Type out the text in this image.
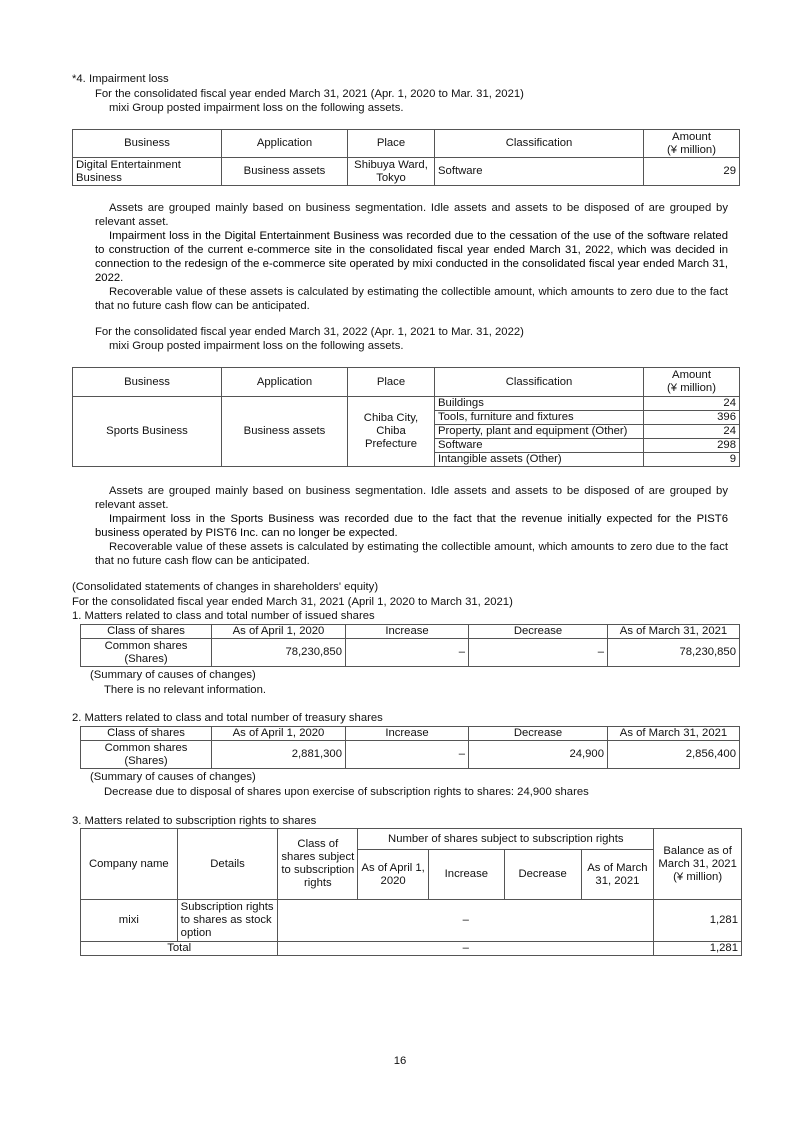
*4. Impairment loss
For the consolidated fiscal year ended March 31, 2021 (Apr. 1, 2020 to Mar. 31, 2021)
mixi Group posted impairment loss on the following assets.
Business	Application	Place	Classification	Amount
(¥ million)
Digital Entertainment Business	Business assets	Shibuya Ward, Tokyo	Software	29

Assets are grouped mainly based on business segmentation. Idle assets and assets to be disposed of are grouped by relevant asset.

Impairment loss in the Digital Entertainment Business was recorded due to the cessation of the use of the software related to construction of the current e-commerce site in the consolidated fiscal year ended March 31, 2022, which was decided in connection to the redesign of the e-commerce site operated by mixi conducted in the consolidated fiscal year ended March 31, 2022.

Recoverable value of these assets is calculated by estimating the collectible amount, which amounts to zero due to the fact that no future cash flow can be anticipated.

For the consolidated fiscal year ended March 31, 2022 (Apr. 1, 2021 to Mar. 31, 2022)
mixi Group posted impairment loss on the following assets.
Business	Application	Place	Classification	Amount
(¥ million)
Sports Business	Business assets	Chiba City, Chiba Prefecture	Buildings	24
			Tools, furniture and fixtures	396
			Property, plant and equipment (Other)	24
			Software	298
			Intangible assets (Other)	9

Assets are grouped mainly based on business segmentation. Idle assets and assets to be disposed of are grouped by relevant asset.

Impairment loss in the Sports Business was recorded due to the fact that the revenue initially expected for the PIST6 business operated by PIST6 Inc. can no longer be expected.

Recoverable value of these assets is calculated by estimating the collectible amount, which amounts to zero due to the fact that no future cash flow can be anticipated.

(Consolidated statements of changes in shareholders' equity)
For the consolidated fiscal year ended March 31, 2021 (April 1, 2020 to March 31, 2021)
1. Matters related to class and total number of issued shares
Class of shares	As of April 1, 2020	Increase	Decrease	As of March 31, 2021
Common shares (Shares)	78,230,850	–	–	78,230,850
(Summary of causes of changes)
There is no relevant information.
2. Matters related to class and total number of treasury shares
Class of shares	As of April 1, 2020	Increase	Decrease	As of March 31, 2021
Common shares (Shares)	2,881,300	–	24,900	2,856,400
(Summary of causes of changes)
Decrease due to disposal of shares upon exercise of subscription rights to shares: 24,900 shares
3. Matters related to subscription rights to shares
Company name	Details	Class of shares subject to subscription rights	Number of shares subject to subscription rights				Balance as of March 31, 2021
(¥ million)
			As of April 1, 2020	Increase	Decrease	As of March 31, 2021	
mixi	Subscription rights to shares as stock option	–					1,281
Total		–					1,281
16
